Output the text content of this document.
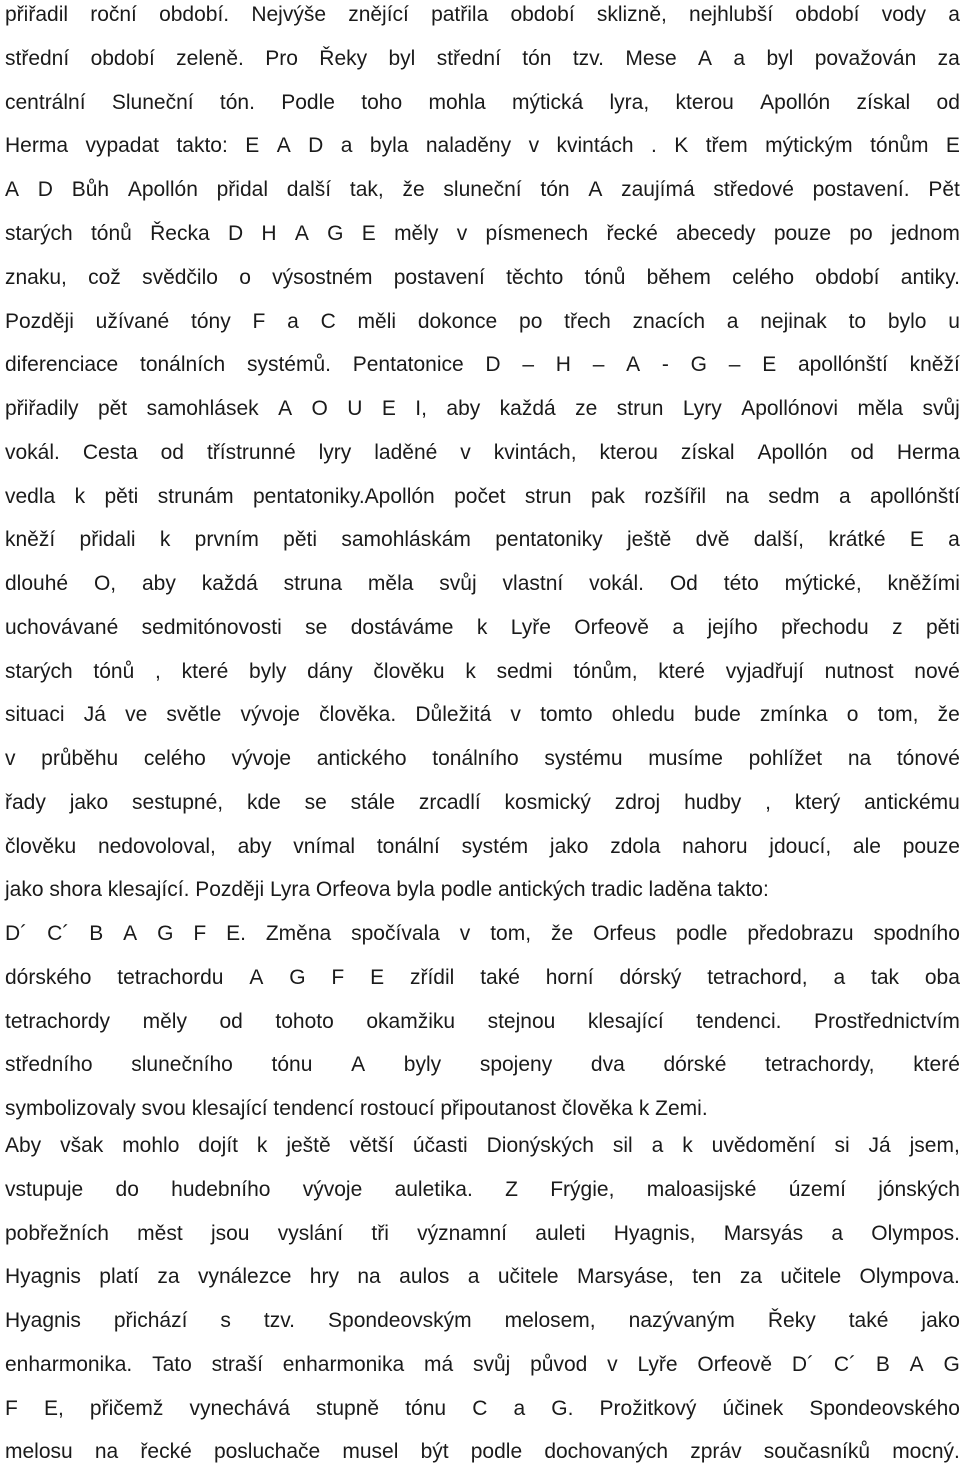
přiřadil roční období. Nejvýše znějící patřila období sklizně, nejhlubší období vody a
střední období zeleně. Pro Řeky byl střední tón tzv. Mese A a byl považován za
centrální Sluneční tón. Podle toho mohla mýtická lyra, kterou Apollón získal od
Herma vypadat takto: E A D a byla naladěny v kvintách . K třem mýtickým tónům E
A D Bůh Apollón přidal další tak, že sluneční tón A zaujímá středové postavení. Pět
starých tónů Řecka D H A G E měly v písmenech řecké abecedy pouze po jednom
znaku, což svědčilo o výsostném postavení těchto tónů během celého období antiky.
Později užívané tóny F a C měli dokonce po třech znacích a nejinak to bylo u
diferenciace tonálních systémů. Pentatonice D – H – A - G – E apollónští kněží
přiřadily pět samohlásek A O U E I, aby každá ze strun Lyry Apollónovi měla svůj
vokál. Cesta od třístrunné lyry laděné v kvintách, kterou získal Apollón od Herma
vedla k pěti strunám pentatoniky.Apollón počet strun pak rozšířil na sedm a apollónští
kněží přidali k prvním pěti samohláskám pentatoniky ještě dvě další, krátké E a
dlouhé O, aby každá struna měla svůj vlastní vokál. Od této mýtické, kněžími
uchovávané sedmitónovosti se dostáváme k Lyře Orfeově a jejího přechodu z pěti
starých tónů , které byly dány člověku k sedmi tónům, které vyjadřují nutnost nové
situaci Já ve světle vývoje člověka. Důležitá v tomto ohledu bude zmínka o tom, že
v průběhu celého vývoje antického tonálního systému musíme pohlížet na tónové
řady jako sestupné, kde se stále zrcadlí kosmický zdroj hudby , který antickému
člověku nedovoloval, aby vnímal tonální systém jako zdola nahoru jdoucí, ale pouze
jako shora klesající. Později Lyra Orfeova byla podle antických tradic laděna takto:
D´ C´ B A G F E. Změna spočívala v tom, že Orfeus podle předobrazu spodního
dórského tetrachordu A G F E zřídil také horní dórský tetrachord, a tak oba
tetrachordy měly od tohoto okamžiku stejnou klesající tendenci. Prostřednictvím
středního slunečního tónu A byly spojeny dva dórské tetrachordy, které
symbolizovaly svou klesající tendencí rostoucí připoutanost člověka k Zemi.
Aby však mohlo dojít k ještě větší účasti Dionýských sil a k uvědomění si Já jsem,
vstupuje do hudebního vývoje auletika. Z Frýgie, maloasijské území jónských
pobřežních měst jsou vyslání tři významní auleti Hyagnis, Marsyás a Olympos.
Hyagnis platí za vynálezce hry na aulos a učitele Marsyáse, ten za učitele Olympova.
Hyagnis přichází s tzv. Spondeovským melosem, nazývaným Řeky také jako
enharmonika. Tato straší enharmonika má svůj původ v Lyře Orfeově D´ C´ B A G
F E, přičemž vynechává stupně tónu C a G. Prožitkový účinek Spondeovského
melosu na řecké posluchače musel být podle dochovaných zpráv současníků mocný.
